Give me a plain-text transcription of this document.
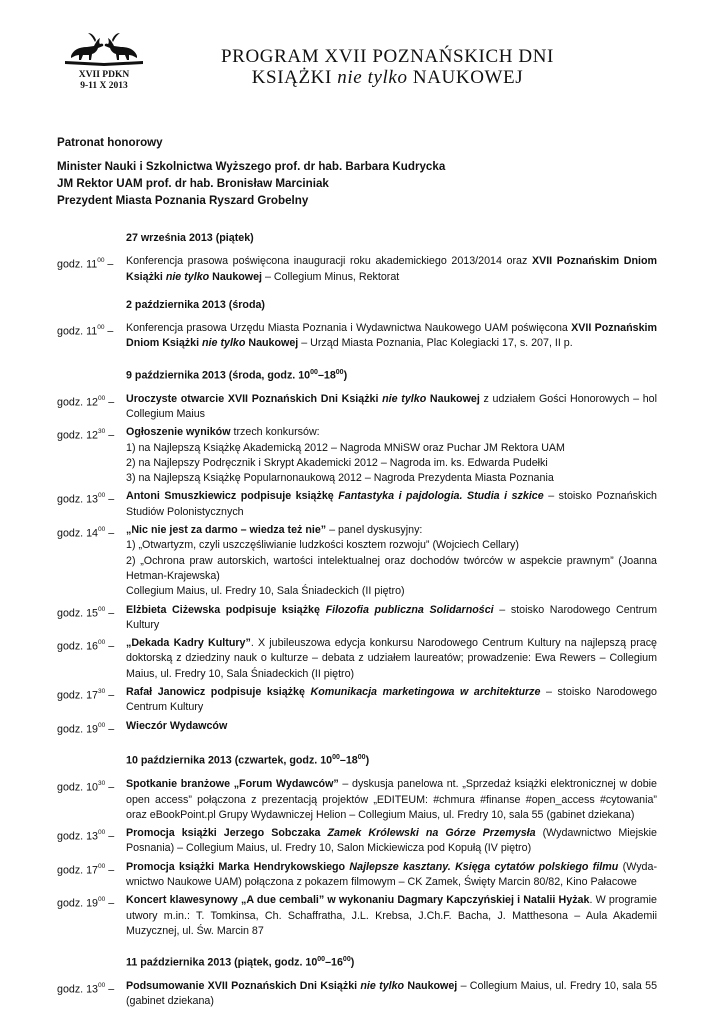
XVII PDKN
9-11 X 2013
PROGRAM XVII POZNAŃSKICH DNI
KSIĄŻKI nie tylko NAUKOWEJ
Patronat honorowy
Minister Nauki i Szkolnictwa Wyższego prof. dr hab. Barbara Kudrycka
JM Rektor UAM prof. dr hab. Bronisław Marciniak
Prezydent Miasta Poznania Ryszard Grobelny
27 września 2013 (piątek)
godz. $11^{00}$ –	Konferencja prasowa poświęcona inauguracji roku akademickiego 2013/2014 oraz XVII Poznańskim Dniom Książki nie tylko Naukowej – Collegium Minus, Rektorat
2 października 2013 (środa)
godz. $11^{00}$ –	Konferencja prasowa Urzędu Miasta Poznania i Wydawnictwa Naukowego UAM poświęcona XVII Poznańskim Dniom Książki nie tylko Naukowej – Urząd Miasta Poznania, Plac Kolegiacki 17, s. 207, II p.
9 października 2013 (środa, godz. $10^{00}-18^{00}$)
godz. $12^{00}$ –	Uroczyste otwarcie XVII Poznańskich Dni Książki nie tylko Naukowej z udziałem Gości Honorowych – hol Collegium Maius
godz. $12^{30}$ –	Ogłoszenie wyników trzech konkursów:
1) na Najlepszą Książkę Akademicką 2012 – Nagroda MNiSW oraz Puchar JM Rektora UAM
2) na Najlepszy Podręcznik i Skrypt Akademicki 2012 – Nagroda im. ks. Edwarda Pudełki
3) na Najlepszą Książkę Popularnonaukową 2012 – Nagroda Prezydenta Miasta Poznania
godz. $13^{00}$ –	Antoni Smuszkiewicz podpisuje książkę Fantastyka i pajdologia. Studia i szkice – stoisko Poznańskich Studiów Polonistycznych
godz. $14^{00}$ –	„Nic nie jest za darmo – wiedza też nie” – panel dyskusyjny:
1) „Otwartyzm, czyli uszczęśliwianie ludzkości kosztem rozwoju” (Wojciech Cellary)
2) „Ochrona praw autorskich, wartości intelektualnej oraz dochodów twórców w aspekcie prawnym” (Joanna Hetman-Krajewska)
Collegium Maius, ul. Fredry 10, Sala Śniadeckich (II piętro)
godz. $15^{00}$ –	Elżbieta Ciżewska podpisuje książkę Filozofia publiczna Solidarności – stoisko Narodowego Centrum Kultury
godz. $16^{00}$ –	„Dekada Kadry Kultury”. X jubileuszowa edycja konkursu Narodowego Centrum Kultury na najlepszą pracę doktorską z dziedziny nauk o kulturze – debata z udziałem laureatów; prowadzenie: Ewa Rewers – Collegium Maius, ul. Fredry 10, Sala Śniadeckich (II piętro)
godz. $17^{30}$ –	Rafał Janowicz podpisuje książkę Komunikacja marketingowa w architekturze – stoisko Narodowego Centrum Kultury
godz. $19^{00}$ –	Wieczór Wydawców
10 października 2013 (czwartek, godz. $10^{00}-18^{00}$)
godz. $10^{30}$ –	Spotkanie branżowe „Forum Wydawców” – dyskusja panelowa nt. „Sprzedaż książki elektronicznej w dobie open access” połączona z prezentacją projektów „EDITEUM: #chmura #finanse #open_access #cytowania” oraz eBookPoint.pl Grupy Wydawniczej Helion – Collegium Maius, ul. Fredry 10, sala 55 (gabinet dziekana)
godz. $13^{00}$ –	Promocja książki Jerzego Sobczaka Zamek Królewski na Górze Przemysła (Wydawnictwo Miejskie Posnania) – Collegium Maius, ul. Fredry 10, Salon Mickiewicza pod Kopułą (IV piętro)
godz. $17^{00}$ –	Promocja książki Marka Hendrykowskiego Najlepsze kasztany. Księga cytatów polskiego filmu (Wydawnictwo Naukowe UAM) połączona z pokazem filmowym – CK Zamek, Święty Marcin 80/82, Kino Pałacowe
godz. $19^{00}$ –	Koncert klawesynowy „A due cembali” w wykonaniu Dagmary Kapczyńskiej i Natalii Hyżak. W programie utwory m.in.: T. Tomkinsa, Ch. Schaffratha, J.L. Krebsa, J.Ch.F. Bacha, J. Matthesona – Aula Akademii Muzycznej, ul. Św. Marcin 87
11 października 2013 (piątek, godz. $10^{00}-16^{00}$)
godz. $13^{00}$ –	Podsumowanie XVII Poznańskich Dni Książki nie tylko Naukowej – Collegium Maius, ul. Fredry 10, sala 55 (gabinet dziekana)
